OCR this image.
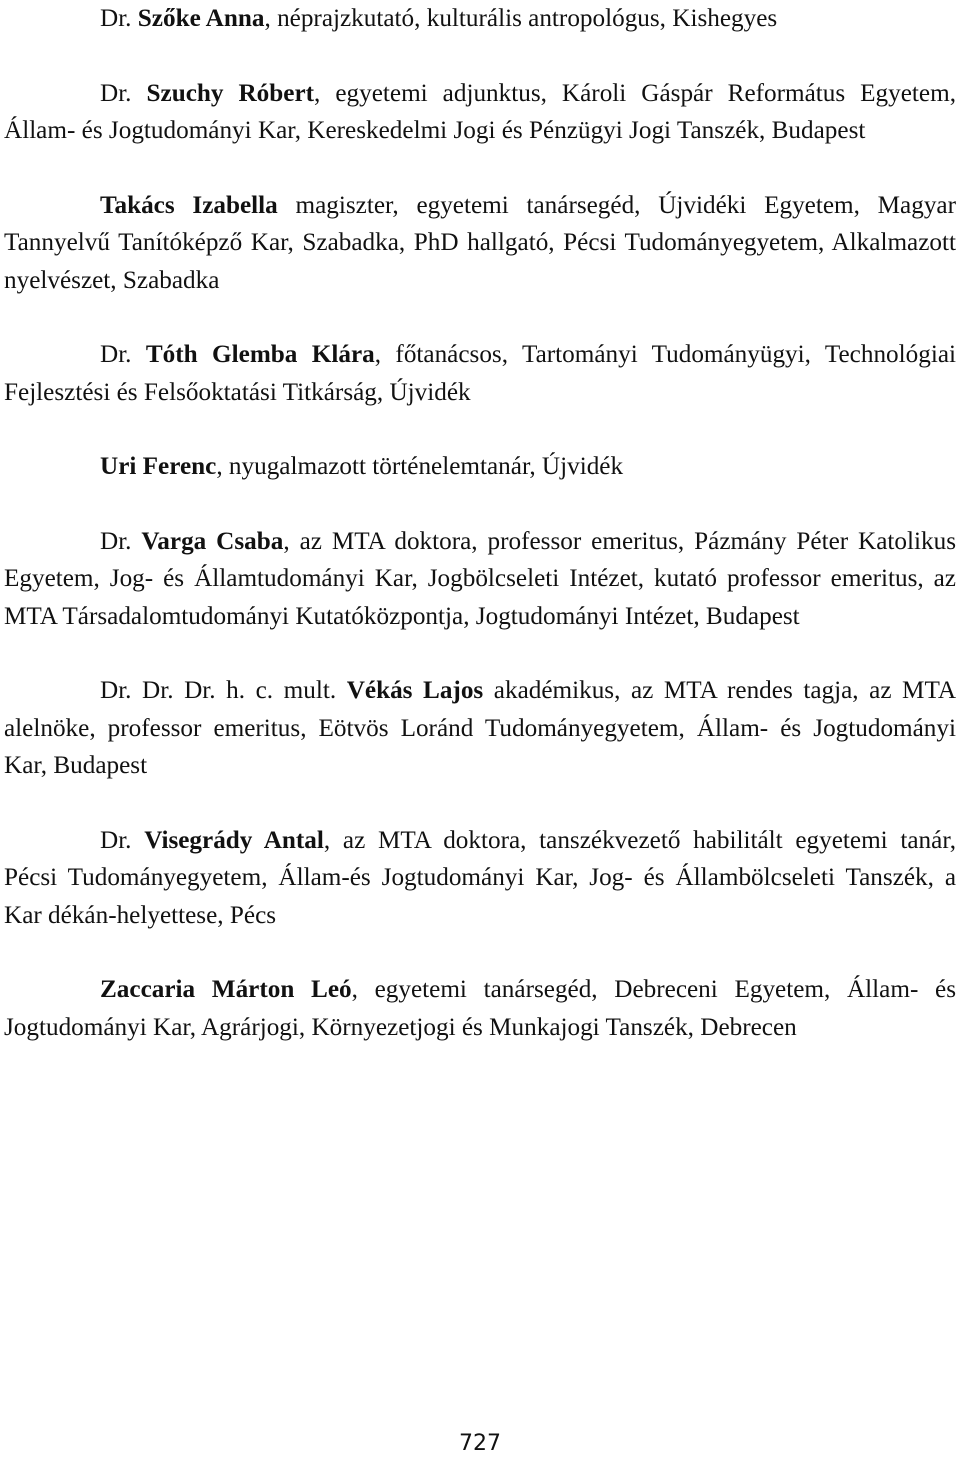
Dr. Szőke Anna, néprajzkutató, kulturális antropológus, Kishegyes

Dr. Szuchy Róbert, egyetemi adjunktus, Károli Gáspár Református Egyetem, Állam- és Jogtudományi Kar, Kereskedelmi Jogi és Pénzügyi Jogi Tanszék, Budapest

Takács Izabella magiszter, egyetemi tanársegéd, Újvidéki Egyetem, Magyar Tannyelvű Tanítóképző Kar, Szabadka, PhD hallgató, Pécsi Tudományegyetem, Alkalmazott nyelvészet, Szabadka

Dr. Tóth Glemba Klára, főtanácsos, Tartományi Tudományügyi, Technológiai Fejlesztési és Felsőoktatási Titkárság, Újvidék

Uri Ferenc, nyugalmazott történelemtanár, Újvidék

Dr. Varga Csaba, az MTA doktora, professor emeritus, Pázmány Péter Katolikus Egyetem, Jog- és Államtudományi Kar, Jogbölcseleti Intézet, kutató professor emeritus, az MTA Társadalomtudományi Kutatóközpontja, Jogtudományi Intézet, Budapest

Dr. Dr. Dr. h. c. mult. Vékás Lajos akadémikus, az MTA rendes tagja, az MTA alelnöke, professor emeritus, Eötvös Loránd Tudományegyetem, Állam- és Jogtudományi Kar, Budapest

Dr. Visegrády Antal, az MTA doktora, tanszékvezető habilitált egyetemi tanár, Pécsi Tudományegyetem, Állam-és Jogtudományi Kar, Jog- és Állambölcseleti Tanszék, a Kar dékán-helyettese, Pécs

Zaccaria Márton Leó, egyetemi tanársegéd, Debreceni Egyetem, Állam- és Jogtudományi Kar, Agrárjogi, Környezetjogi és Munkajogi Tanszék, Debrecen

727
